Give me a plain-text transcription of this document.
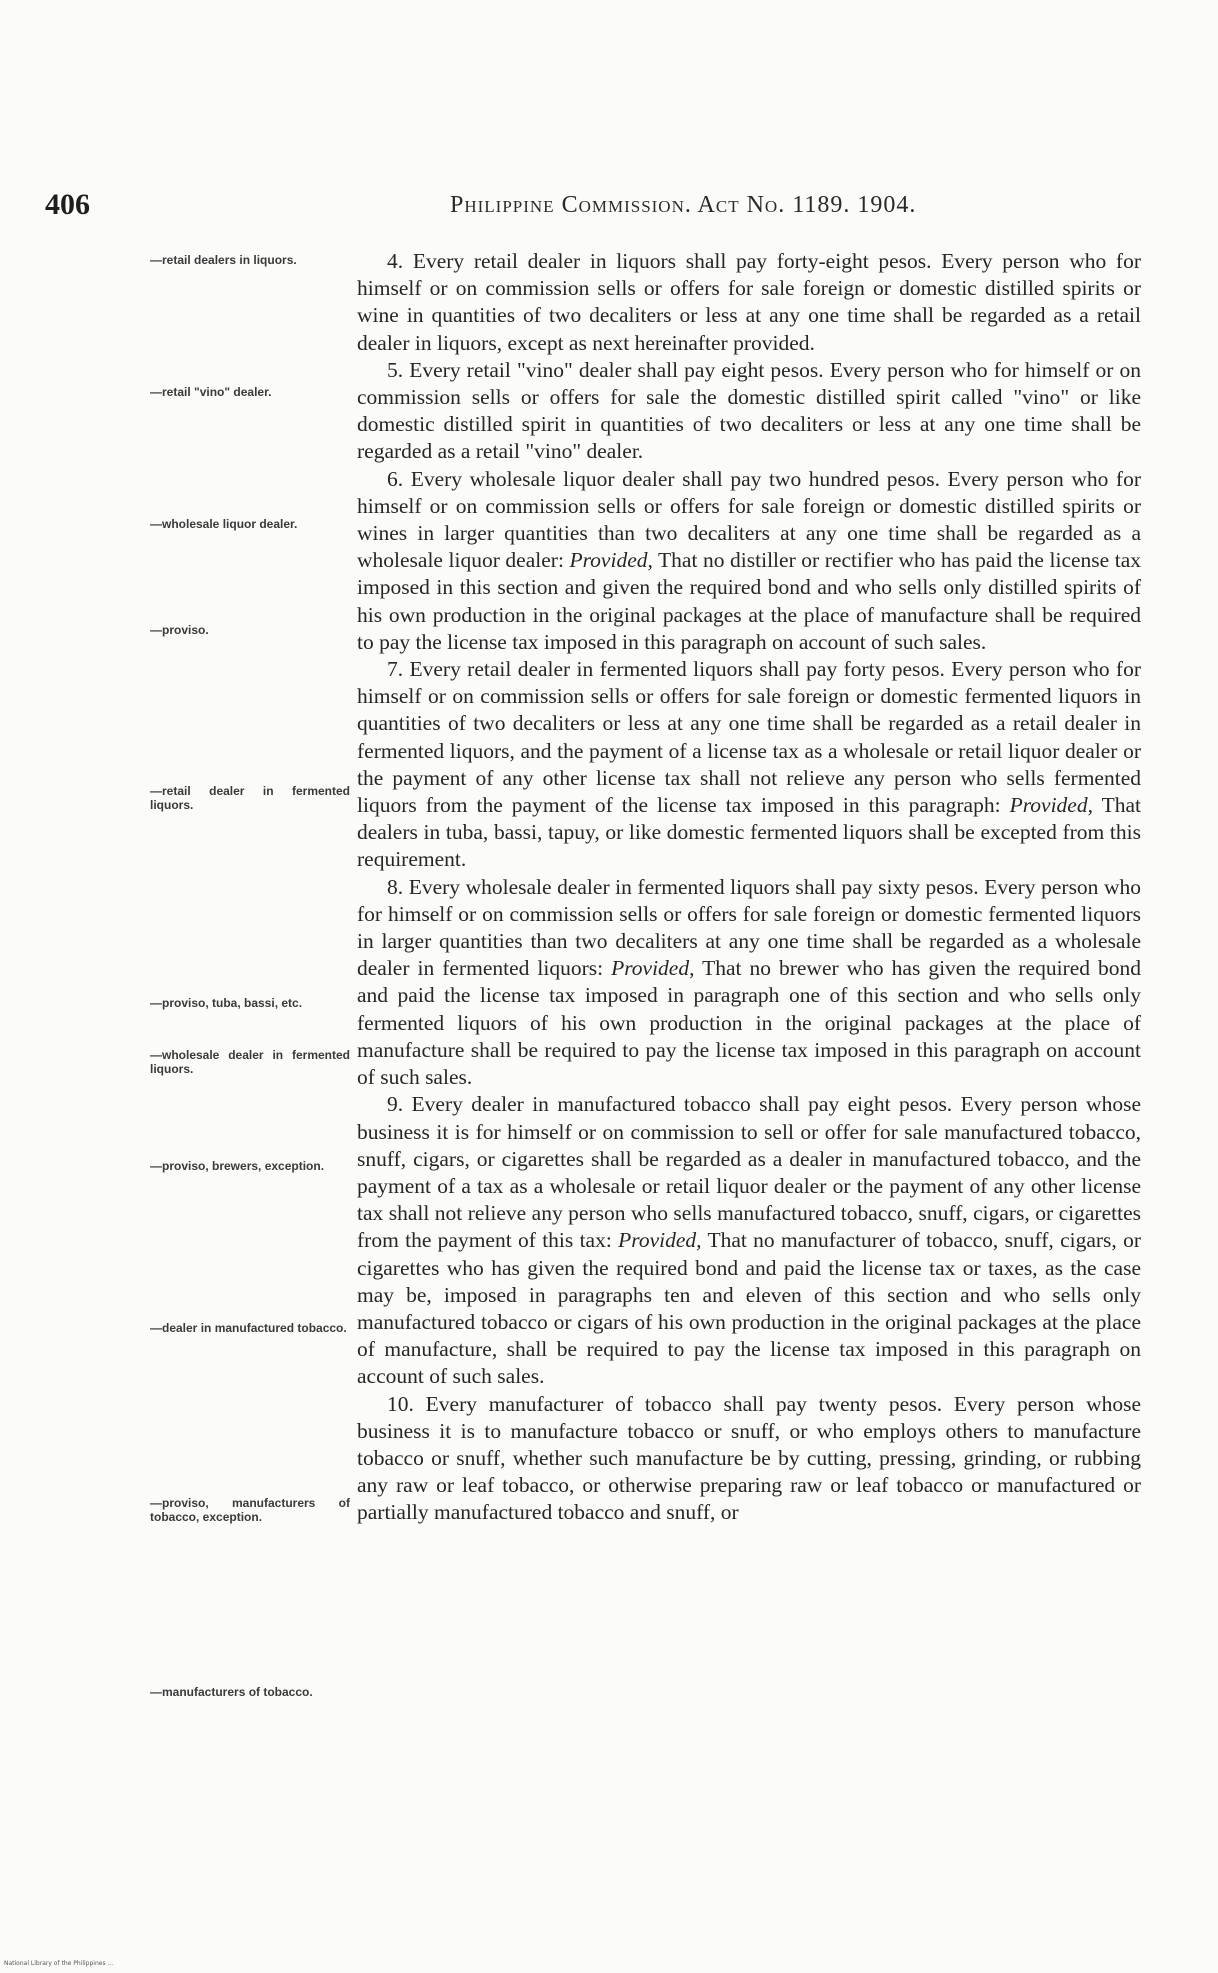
406	Philippine Commission. Act No. 1189. 1904.
—retail dealers in liquors.
—retail "vino" dealer.
—wholesale liquor dealer.
—proviso.
—retail dealer in fermented liquors.
—proviso, tuba, bassi, etc.
—wholesale dealer in fermented liquors.
—proviso, brewers, exception.
—dealer in manufactured tobacco.
—proviso, manufacturers of tobacco, exception.
—manufacturers of tobacco.

4. Every retail dealer in liquors shall pay forty-eight pesos. Every person who for himself or on commission sells or offers for sale foreign or domestic distilled spirits or wine in quantities of two decaliters or less at any one time shall be regarded as a retail dealer in liquors, except as next hereinafter provided.

5. Every retail "vino" dealer shall pay eight pesos. Every person who for himself or on commission sells or offers for sale the domestic distilled spirit called "vino" or like domestic distilled spirit in quantities of two decaliters or less at any one time shall be regarded as a retail "vino" dealer.

6. Every wholesale liquor dealer shall pay two hundred pesos. Every person who for himself or on commission sells or offers for sale foreign or domestic distilled spirits or wines in larger quantities than two decaliters at any one time shall be regarded as a wholesale liquor dealer: Provided, That no distiller or rectifier who has paid the license tax imposed in this section and given the required bond and who sells only distilled spirits of his own production in the original packages at the place of manufacture shall be required to pay the license tax imposed in this paragraph on account of such sales.

7. Every retail dealer in fermented liquors shall pay forty pesos. Every person who for himself or on commission sells or offers for sale foreign or domestic fermented liquors in quantities of two decaliters or less at any one time shall be regarded as a retail dealer in fermented liquors, and the payment of a license tax as a wholesale or retail liquor dealer or the payment of any other license tax shall not relieve any person who sells fermented liquors from the payment of the license tax imposed in this paragraph: Provided, That dealers in tuba, bassi, tapuy, or like domestic fermented liquors shall be excepted from this requirement.

8. Every wholesale dealer in fermented liquors shall pay sixty pesos. Every person who for himself or on commission sells or offers for sale foreign or domestic fermented liquors in larger quantities than two decaliters at any one time shall be regarded as a wholesale dealer in fermented liquors: Provided, That no brewer who has given the required bond and paid the license tax imposed in paragraph one of this section and who sells only fermented liquors of his own production in the original packages at the place of manufacture shall be required to pay the license tax imposed in this paragraph on account of such sales.

9. Every dealer in manufactured tobacco shall pay eight pesos. Every person whose business it is for himself or on commission to sell or offer for sale manufactured tobacco, snuff, cigars, or cigarettes shall be regarded as a dealer in manufactured tobacco, and the payment of a tax as a wholesale or retail liquor dealer or the payment of any other license tax shall not relieve any person who sells manufactured tobacco, snuff, cigars, or cigarettes from the payment of this tax: Provided, That no manufacturer of tobacco, snuff, cigars, or cigarettes who has given the required bond and paid the license tax or taxes, as the case may be, imposed in paragraphs ten and eleven of this section and who sells only manufactured tobacco or cigars of his own production in the original packages at the place of manufacture, shall be required to pay the license tax imposed in this paragraph on account of such sales.

10. Every manufacturer of tobacco shall pay twenty pesos. Every person whose business it is to manufacture tobacco or snuff, or who employs others to manufacture tobacco or snuff, whether such manufacture be by cutting, pressing, grinding, or rubbing any raw or leaf tobacco, or otherwise preparing raw or leaf tobacco or manufactured or partially manufactured tobacco and snuff, or

National Library of the Philippines ...
